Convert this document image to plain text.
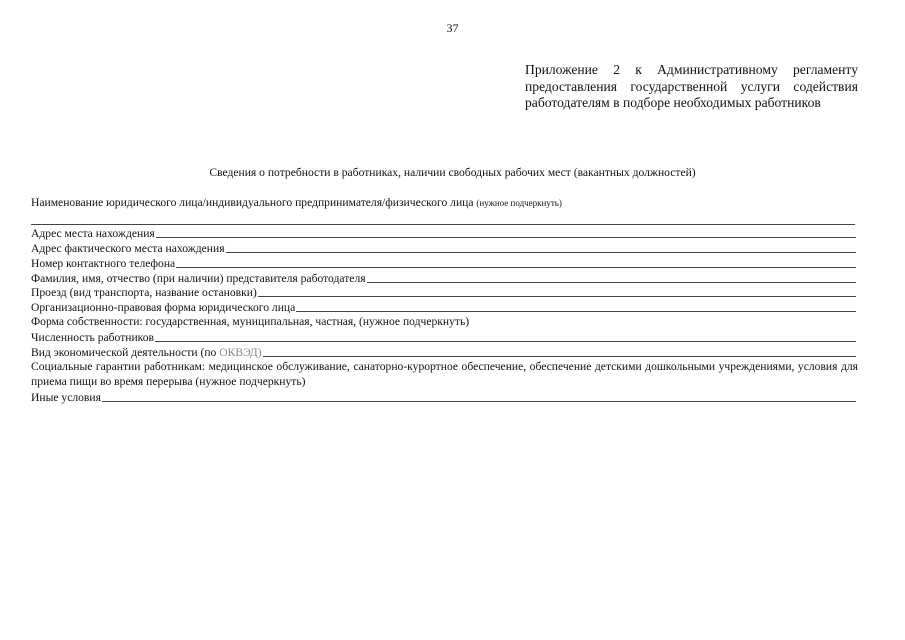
37
Приложение 2 к Административному регламенту предоставления государственной услуги содействия работодателям в подборе необходимых работников
Сведения о потребности в работниках, наличии свободных рабочих мест (вакантных должностей)
Наименование юридического лица/индивидуального предпринимателя/физического лица (нужное подчеркнуть)
Адрес места нахождения
Адрес фактического места нахождения
Номер контактного телефона
Фамилия, имя, отчество (при наличии) представителя работодателя
Проезд (вид транспорта, название остановки)
Организационно-правовая форма юридического лица
Форма собственности: государственная, муниципальная, частная, (нужное подчеркнуть)
Численность работников
Вид экономической деятельности (по
ОКВЭД)
Социальные гарантии работникам: медицинское обслуживание, санаторно-курортное обеспечение, обеспечение детскими дошкольными учреждениями, условия для приема пищи во время перерыва (нужное подчеркнуть)
Иные условия
